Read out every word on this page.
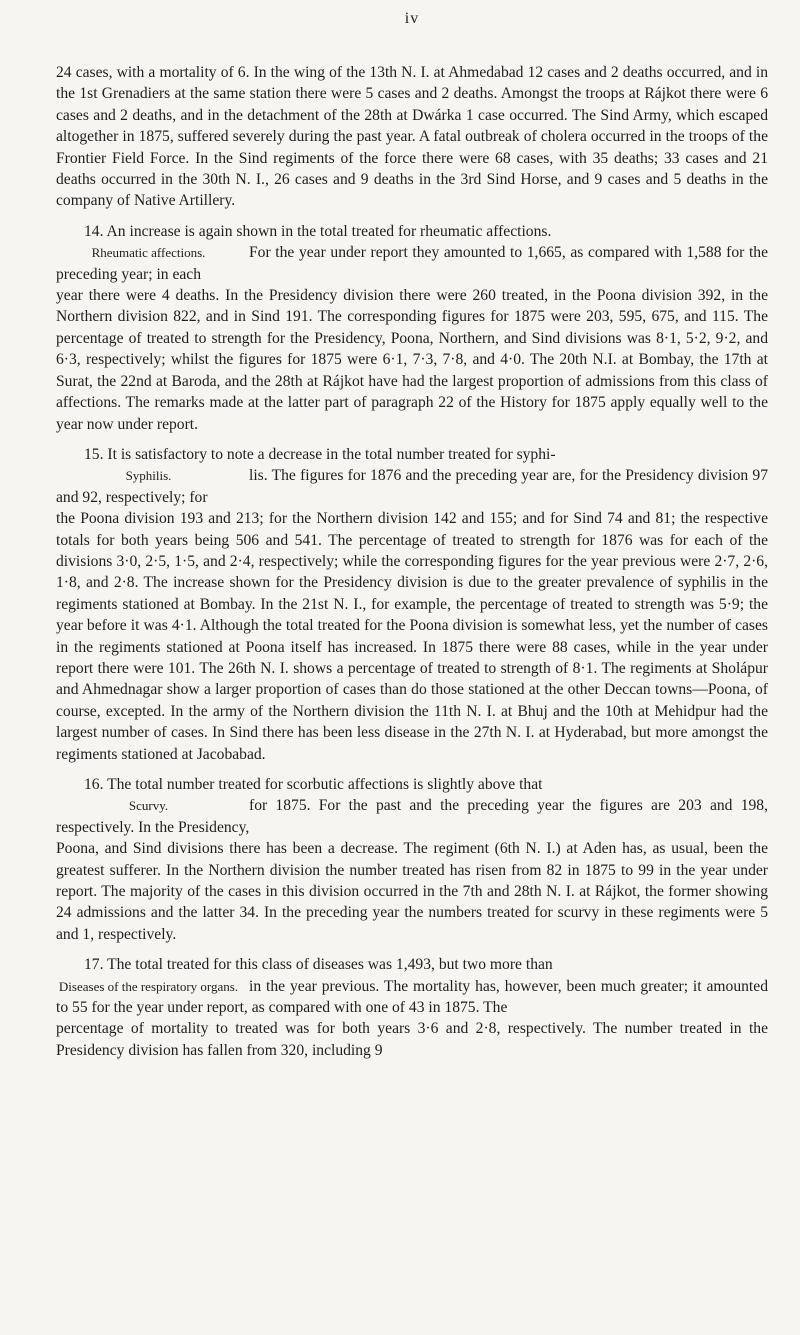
iv

24 cases, with a mortality of 6. In the wing of the 13th N. I. at Ahmedabad 12 cases and 2 deaths occurred, and in the 1st Grenadiers at the same station there were 5 cases and 2 deaths. Amongst the troops at Rájkot there were 6 cases and 2 deaths, and in the detachment of the 28th at Dwárka 1 case occurred. The Sind Army, which escaped altogether in 1875, suffered severely during the past year. A fatal outbreak of cholera occurred in the troops of the Frontier Field Force. In the Sind regiments of the force there were 68 cases, with 35 deaths; 33 cases and 21 deaths occurred in the 30th N. I., 26 cases and 9 deaths in the 3rd Sind Horse, and 9 cases and 5 deaths in the company of Native Artillery.

14. An increase is again shown in the total treated for rheumatic affections.

Rheumatic affections.	For the year under report they amounted to 1,665, as compared with 1,588 for the preceding year; in each

year there were 4 deaths. In the Presidency division there were 260 treated, in the Poona division 392, in the Northern division 822, and in Sind 191. The corresponding figures for 1875 were 203, 595, 675, and 115. The percentage of treated to strength for the Presidency, Poona, Northern, and Sind divisions was 8·1, 5·2, 9·2, and 6·3, respectively; whilst the figures for 1875 were 6·1, 7·3, 7·8, and 4·0. The 20th N.I. at Bombay, the 17th at Surat, the 22nd at Baroda, and the 28th at Rájkot have had the largest proportion of admissions from this class of affections. The remarks made at the latter part of paragraph 22 of the History for 1875 apply equally well to the year now under report.

15. It is satisfactory to note a decrease in the total number treated for syphi-

Syphilis.	lis. The figures for 1876 and the preceding year are, for the Presidency division 97 and 92, respectively; for

the Poona division 193 and 213; for the Northern division 142 and 155; and for Sind 74 and 81; the respective totals for both years being 506 and 541. The percentage of treated to strength for 1876 was for each of the divisions 3·0, 2·5, 1·5, and 2·4, respectively; while the corresponding figures for the year previous were 2·7, 2·6, 1·8, and 2·8. The increase shown for the Presidency division is due to the greater prevalence of syphilis in the regiments stationed at Bombay. In the 21st N. I., for example, the percentage of treated to strength was 5·9; the year before it was 4·1. Although the total treated for the Poona division is somewhat less, yet the number of cases in the regiments stationed at Poona itself has increased. In 1875 there were 88 cases, while in the year under report there were 101. The 26th N. I. shows a percentage of treated to strength of 8·1. The regiments at Sholápur and Ahmednagar show a larger proportion of cases than do those stationed at the other Deccan towns—Poona, of course, excepted. In the army of the Northern division the 11th N. I. at Bhuj and the 10th at Mehidpur had the largest number of cases. In Sind there has been less disease in the 27th N. I. at Hyderabad, but more amongst the regiments stationed at Jacobabad.

16. The total number treated for scorbutic affections is slightly above that

Scurvy.	for 1875. For the past and the preceding year the figures are 203 and 198, respectively. In the Presidency,

Poona, and Sind divisions there has been a decrease. The regiment (6th N. I.) at Aden has, as usual, been the greatest sufferer. In the Northern division the number treated has risen from 82 in 1875 to 99 in the year under report. The majority of the cases in this division occurred in the 7th and 28th N. I. at Rájkot, the former showing 24 admissions and the latter 34. In the preceding year the numbers treated for scurvy in these regiments were 5 and 1, respectively.

17. The total treated for this class of diseases was 1,493, but two more than

Diseases of the respiratory organs. in the year previous. The mortality has, however, been much greater; it amounted to 55 for the year under report, as compared with one of 43 in 1875. The

percentage of mortality to treated was for both years 3·6 and 2·8, respectively. The number treated in the Presidency division has fallen from 320, including 9
